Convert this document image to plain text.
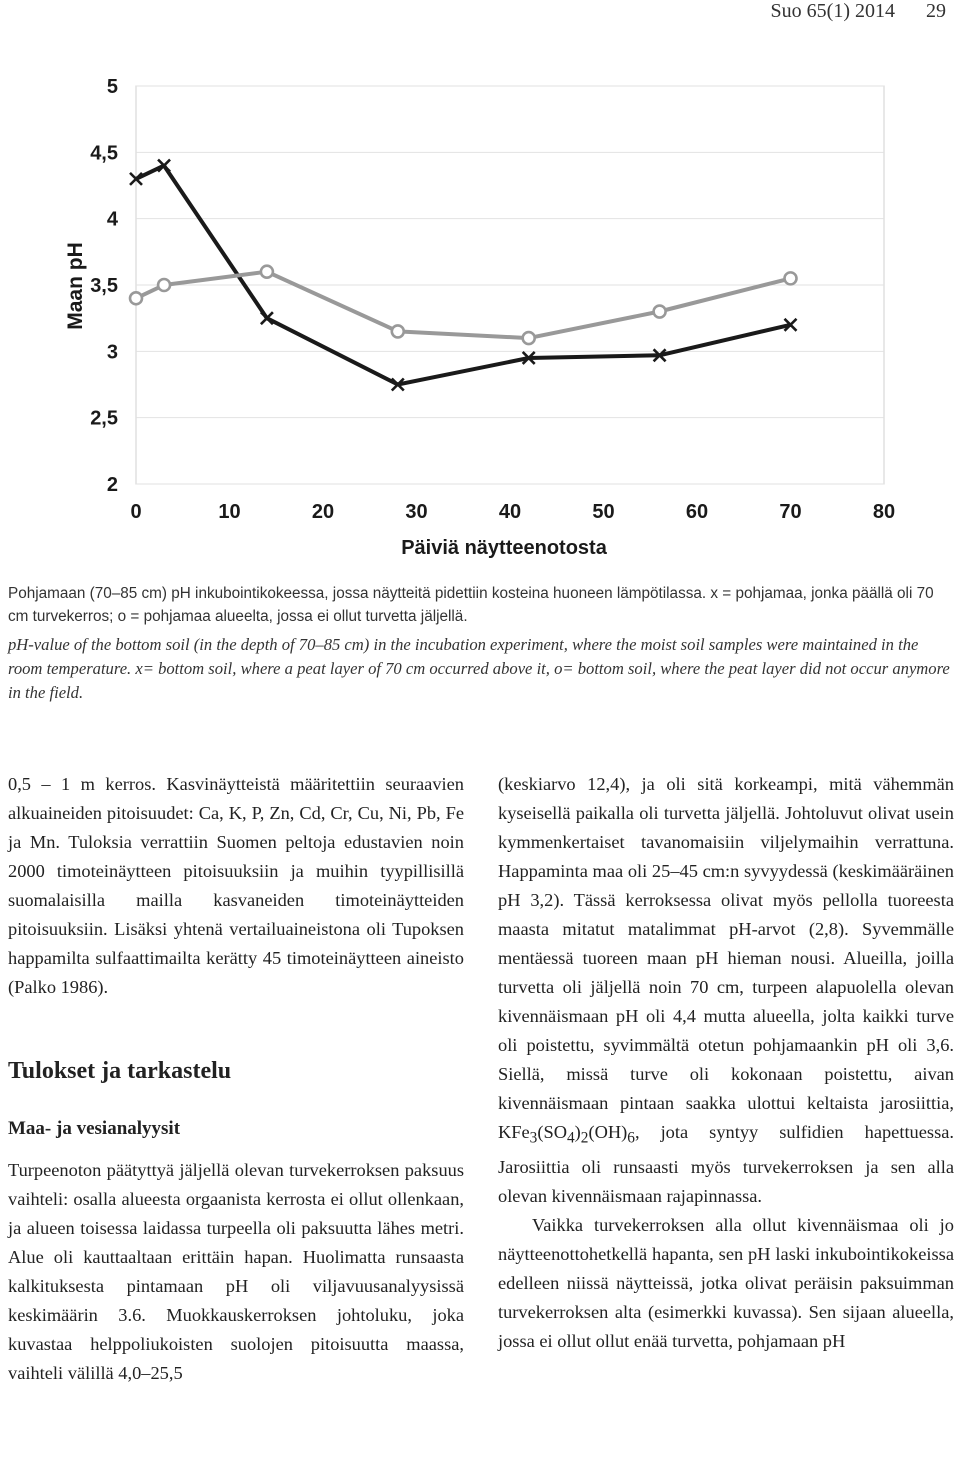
Suo 65(1) 2014 29
2
2,5
3
3,5
4
4,5
5
0	10	20	30	40	50	60	70	80
Maan pH
Päiviä näytteenotosta
Pohjamaan (70–85 cm) pH inkubointikokeessa, jossa näytteitä pidettiin kosteina huoneen lämpötilassa. x = pohjamaa, jonka päällä oli 70 cm turvekerros; o = pohjamaa alueelta, jossa ei ollut turvetta jäljellä.
pH-value of the bottom soil (in the depth of 70–85 cm) in the incubation experiment, where the moist soil samples were maintained in the room temperature. x= bottom soil, where a peat layer of 70 cm occurred above it, o= bottom soil, where the peat layer did not occur anymore in the field.

0,5 – 1 m kerros. Kasvinäytteistä määritettiin seuraavien alkuaineiden pitoisuudet: Ca, K, P, Zn, Cd, Cr, Cu, Ni, Pb, Fe ja Mn. Tuloksia verrattiin Suomen peltoja edustavien noin 2000 timoteinäytteen pitoisuuksiin ja muihin tyypillisillä suomalaisilla mailla kasvaneiden timoteinäytteiden pitoisuuksiin. Lisäksi yhtenä vertailuaineistona oli Tupoksen happamilta sulfaattimailta kerätty 45 timoteinäytteen aineisto (Palko 1986).

Tulokset ja tarkastelu
Maa- ja vesianalyysit

Turpeenoton päätyttyä jäljellä olevan turvekerroksen paksuus vaihteli: osalla alueesta orgaanista kerrosta ei ollut ollenkaan, ja alueen toisessa laidassa turpeella oli paksuutta lähes metri. Alue oli kauttaaltaan erittäin hapan. Huolimatta runsaasta kalkituksesta pintamaan pH oli viljavuusanalyysissä keskimäärin 3.6. Muokkauskerroksen johtoluku, joka kuvastaa helppoliukoisten suolojen pitoisuutta maassa, vaihteli välillä 4,0–25,5

(keskiarvo 12,4), ja oli sitä korkeampi, mitä vähemmän kyseisellä paikalla oli turvetta jäljellä. Johtoluvut olivat usein kymmenkertaiset tavanomaisiin viljelymaihin verrattuna. Happaminta maa oli 25–45 cm:n syvyydessä (keskimääräinen pH 3,2). Tässä kerroksessa olivat myös pellolla tuoreesta maasta mitatut matalimmat pH-arvot (2,8). Syvemmälle mentäessä tuoreen maan pH hieman nousi. Alueilla, joilla turvetta oli jäljellä noin 70 cm, turpeen alapuolella olevan kivennäismaan pH oli 4,4 mutta alueella, jolta kaikki turve oli poistettu, syvimmältä otetun pohjamaankin pH oli 3,6. Siellä, missä turve oli kokonaan poistettu, aivan kivennäismaan pintaan saakka ulottui keltaista jarosiittia, $KFe_3(SO_4)_2(OH)_6$, jota syntyy sulfidien hapettuessa. Jarosiittia oli runsaasti myös turvekerroksen ja sen alla olevan kivennäismaan rajapinnassa.

Vaikka turvekerroksen alla ollut kivennäismaa oli jo näytteenottohetkellä hapanta, sen pH laski inkubointikokeissa edelleen niissä näytteissä, jotka olivat peräisin paksuimman turvekerroksen alta (esimerkki kuvassa). Sen sijaan alueella, jossa ei ollut ollut enää turvetta, pohjamaan pH
